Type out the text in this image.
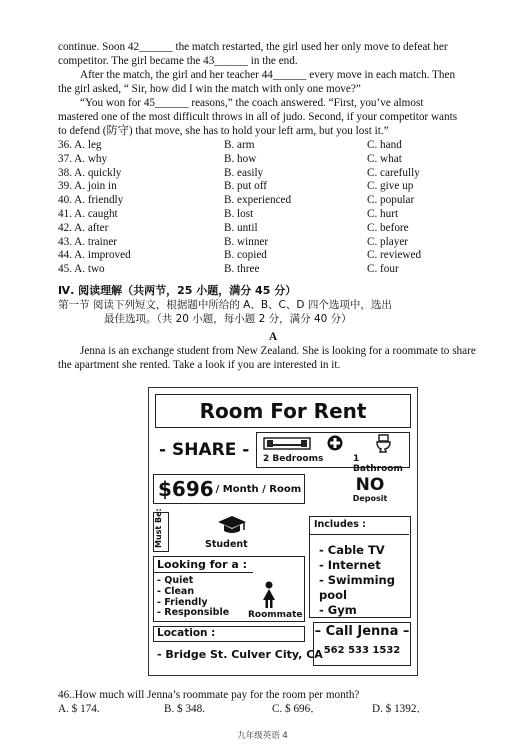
continue. Soon 42______ the match restarted, the girl used her only move to defeat her

competitor. The girl became the 43______ in the end.

After the match, the girl and her teacher 44______ every move in each match. Then

the girl asked, “ Sir, how did I win the match with only one move?”

“You won for 45______ reasons,” the coach answered. “First, you’ve almost

mastered one of the most difficult throws in all of judo. Second, if your competitor wants

to defend (防守) that move, she has to hold your left arm, but you lost it.”

36. A. leg	B. arm	C. hand
37. A. why	B. how	C. what
38. A. quickly	B. easily	C. carefully
39. A. join in	B. put off	C. give up
40. A. friendly	B. experienced	C. popular
41. A. caught	B. lost	C. hurt
42. A. after	B. until	C. before
43. A. trainer	B. winner	C. player
44. A. improved	B. copied	C. reviewed
45. A. two	B. three	C. four

Ⅳ. 阅读理解（共两节，25 小题，满分 45 分）

第一节 阅读下列短文，根据题中所给的 A、B、C、D 四个选项中，选出

最佳选项。（共 20 小题，每小题 2 分，满分 40 分）

A

Jenna is an exchange student from New Zealand. She is looking for a roommate to share

the apartment she rented. Take a look if you are interested in it.

Room For Rent
- SHARE - 2 Bedrooms	1 Bathroom
$696 / Month / Room	NO
Deposit
Must Be:	Student
Includes :
- Cable TV
- Internet
- Swimming pool
- Gym
Looking for a :
- Quiet
- Clean
- Friendly
- Responsible Roommate
Location :
- Bridge St. Culver City, CA
– Call Jenna –
562 533 1532

46..How much will Jenna’s roommate pay for the room per month?

A. $ 174.	B. $ 348.	C. $ 696．	D. $ 1392．
九年级英语 4
